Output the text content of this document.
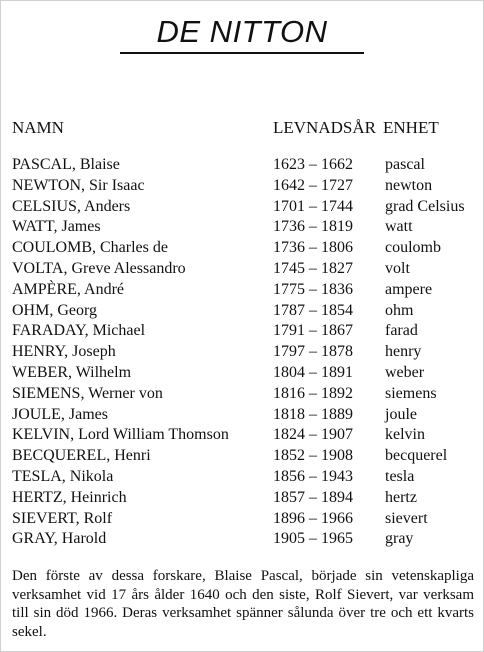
DE NITTON
NAMN	LEVNADSÅR ENHET
PASCAL, Blaise	1623 – 1662 pascal
NEWTON, Sir Isaac	1642 – 1727 newton
CELSIUS, Anders	1701 – 1744 grad Celsius
WATT, James	1736 – 1819 watt
COULOMB, Charles de	1736 – 1806 coulomb
VOLTA, Greve Alessandro	1745 – 1827 volt
AMPÈRE, André	1775 – 1836 ampere
OHM, Georg	1787 – 1854 ohm
FARADAY, Michael	1791 – 1867 farad
HENRY, Joseph	1797 – 1878 henry
WEBER, Wilhelm	1804 – 1891 weber
SIEMENS, Werner von	1816 – 1892 siemens
JOULE, James	1818 – 1889 joule
KELVIN, Lord William Thomson	1824 – 1907 kelvin
BECQUEREL, Henri	1852 – 1908 becquerel
TESLA, Nikola	1856 – 1943 tesla
HERTZ, Heinrich	1857 – 1894 hertz
SIEVERT, Rolf	1896 – 1966 sievert
GRAY, Harold	1905 – 1965 gray
Den förste av dessa forskare, Blaise Pascal, började sin vetenskapliga verksamhet vid 17 års ålder 1640 och den siste, Rolf Sievert, var verksam till sin död 1966. Deras verksamhet spänner sålunda över tre och ett kvarts sekel.
